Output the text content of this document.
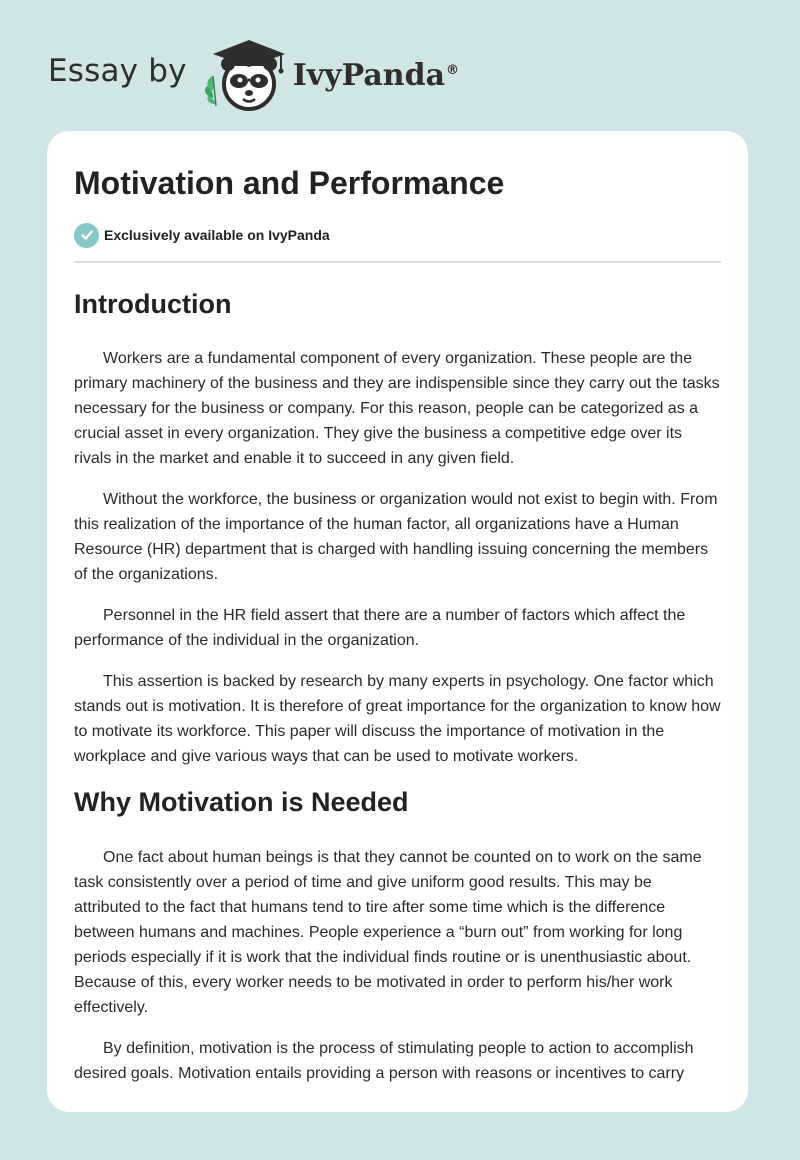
Essay by	IvyPanda®
Motivation and Performance
Exclusively available on IvyPanda
Introduction

Workers are a fundamental component of every organization. These people are the primary machinery of the business and they are indispensible since they carry out the tasks necessary for the business or company. For this reason, people can be categorized as a crucial asset in every organization. They give the business a competitive edge over its rivals in the market and enable it to succeed in any given field.

Without the workforce, the business or organization would not exist to begin with. From this realization of the importance of the human factor, all organizations have a Human Resource (HR) department that is charged with handling issuing concerning the members of the organizations.

Personnel in the HR field assert that there are a number of factors which affect the performance of the individual in the organization.

This assertion is backed by research by many experts in psychology. One factor which stands out is motivation. It is therefore of great importance for the organization to know how to motivate its workforce. This paper will discuss the importance of motivation in the workplace and give various ways that can be used to motivate workers.

Why Motivation is Needed

One fact about human beings is that they cannot be counted on to work on the same task consistently over a period of time and give uniform good results. This may be attributed to the fact that humans tend to tire after some time which is the difference between humans and machines. People experience a “burn out” from working for long periods especially if it is work that the individual finds routine or is unenthusiastic about. Because of this, every worker needs to be motivated in order to perform his/her work effectively.

By definition, motivation is the process of stimulating people to action to accomplish desired goals. Motivation entails providing a person with reasons or incentives to carry
